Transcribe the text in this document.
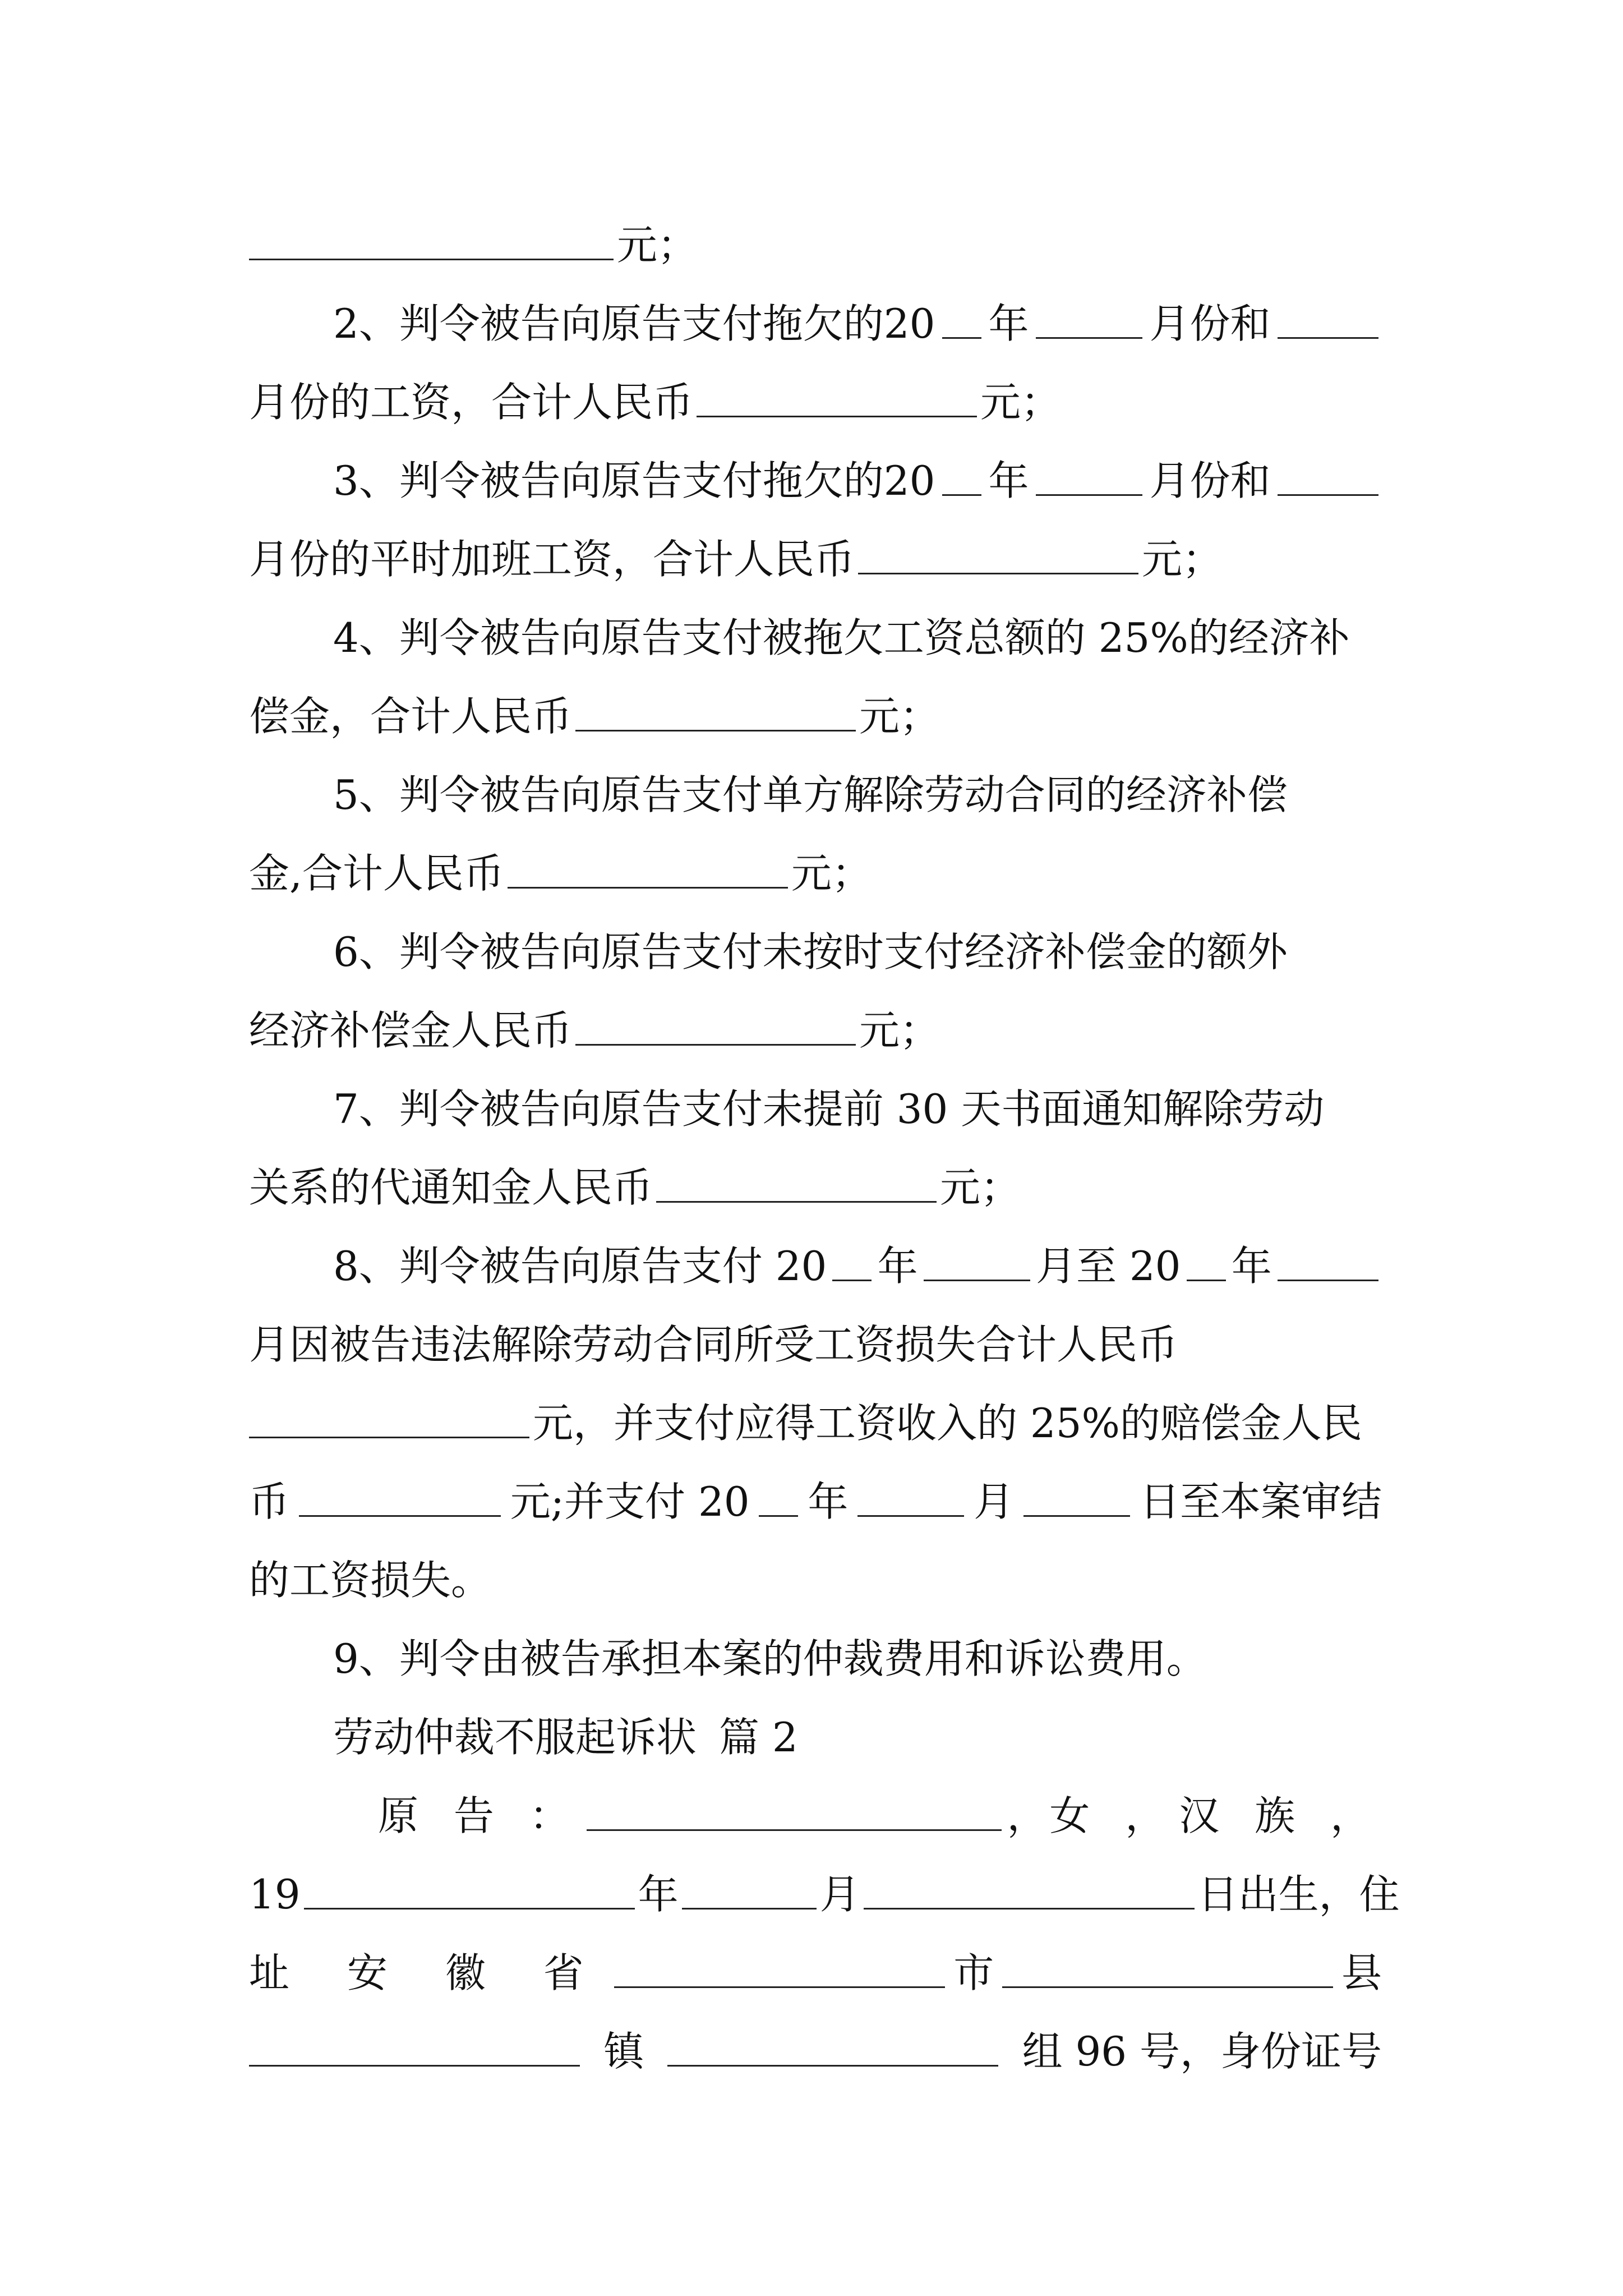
元；
2、判令被告向原告支付拖欠的20 年	月份和
月份的工资，合计人民币	元；
3、判令被告向原告支付拖欠的20 年	月份和
月份的平时加班工资，合计人民币	元；
4、判令被告向原告支付被拖欠工资总额的 25%的经济补
偿金，合计人民币	元；
5、判令被告向原告支付单方解除劳动合同的经济补偿
金,合计人民币	元；
6、判令被告向原告支付未按时支付经济补偿金的额外
经济补偿金人民币	元；
7、判令被告向原告支付未提前 30 天书面通知解除劳动
关系的代通知金人民币	元；
8、判令被告向原告支付 20 年	月至 20 年
月因被告违法解除劳动合同所受工资损失合计人民币
元，并支付应得工资收入的 25%的赔偿金人民
币	元;并支付 20 年	月	日至本案审结
的工资损失。
9、判令由被告承担本案的仲裁费用和诉讼费用。
劳动仲裁不服起诉状 篇 2
原 告 ：	， 女 ， 汉 族 ，
19	年	月	日出生，住
址 安 徽 省	市	县
镇	组 96 号，身份证号
